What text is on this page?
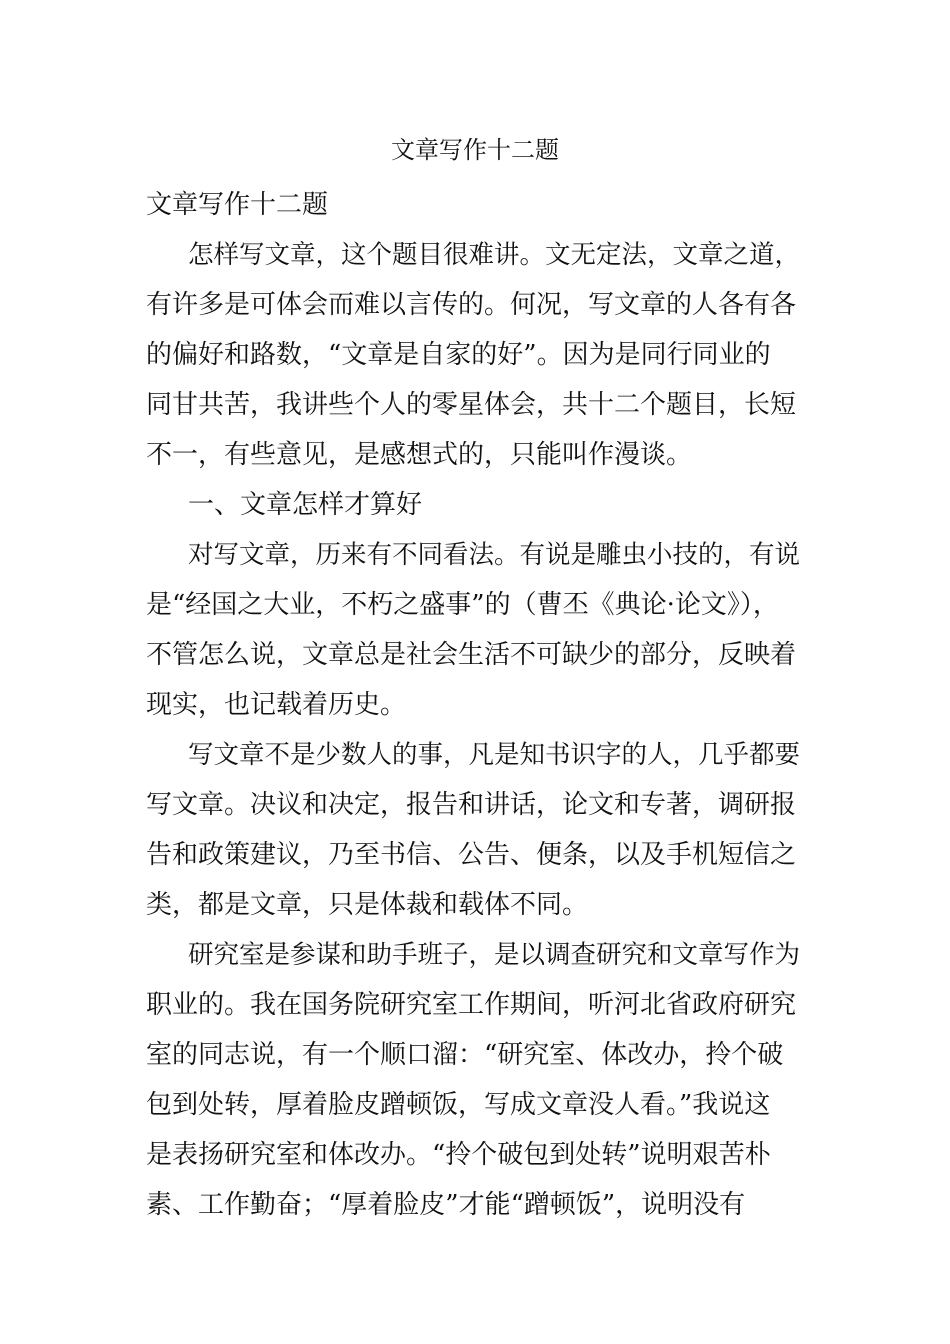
文章写作十二题

文章写作十二题

怎样写文章，这个题目很难讲。文无定法，文章之道，

有许多是可体会而难以言传的。何况，写文章的人各有各

的偏好和路数，“文章是自家的好”。因为是同行同业的

同甘共苦，我讲些个人的零星体会，共十二个题目，长短

不一，有些意见，是感想式的，只能叫作漫谈。

一、文章怎样才算好

对写文章，历来有不同看法。有说是雕虫小技的，有说

是“经国之大业，不朽之盛事”的（曹丕《典论·论文》），

不管怎么说，文章总是社会生活不可缺少的部分，反映着

现实，也记载着历史。

写文章不是少数人的事，凡是知书识字的人，几乎都要

写文章。决议和决定，报告和讲话，论文和专著，调研报

告和政策建议，乃至书信、公告、便条，以及手机短信之

类，都是文章，只是体裁和载体不同。

研究室是参谋和助手班子，是以调查研究和文章写作为

职业的。我在国务院研究室工作期间，听河北省政府研究

室的同志说，有一个顺口溜：“研究室、体改办，拎个破

包到处转，厚着脸皮蹭顿饭，写成文章没人看。”我说这

是表扬研究室和体改办。“拎个破包到处转”说明艰苦朴

素、工作勤奋；“厚着脸皮”才能“蹭顿饭”，说明没有
